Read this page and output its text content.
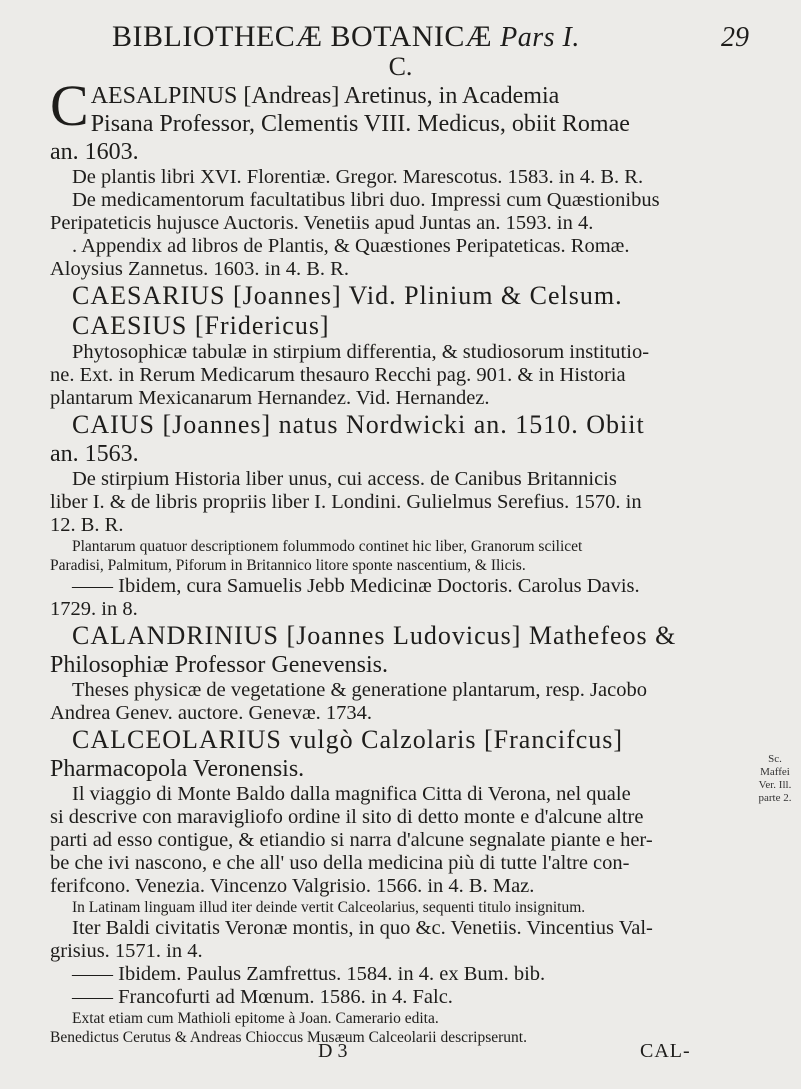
BIBLIOTHECÆ BOTANICÆ Pars I.	29
C.
CAESALPINUS [Andreas] Aretinus, in Academia
Pisana Professor, Clementis VIII. Medicus, obiit Romae
an. 1603.
De plantis libri XVI. Florentiæ. Gregor. Marescotus. 1583. in 4. B. R.
De medicamentorum facultatibus libri duo. Impressi cum Quæstionibus
Peripateticis hujusce Auctoris. Venetiis apud Juntas an. 1593. in 4.
. Appendix ad libros de Plantis, & Quæstiones Peripateticas. Romæ.
Aloysius Zannetus. 1603. in 4. B. R.
CAESARIUS [Joannes] Vid. Plinium & Celsum.
CAESIUS [Fridericus]
Phytosophicæ tabulæ in stirpium differentia, & studiosorum institutio-
ne. Ext. in Rerum Medicarum thesauro Recchi pag. 901. & in Historia
plantarum Mexicanarum Hernandez. Vid. Hernandez.
CAIUS [Joannes] natus Nordwicki an. 1510. Obiit
an. 1563.
De stirpium Historia liber unus, cui access. de Canibus Britannicis
liber I. & de libris propriis liber I. Londini. Gulielmus Serefius. 1570. in
12. B. R.
Plantarum quatuor descriptionem folummodo continet hic liber, Granorum scilicet
Paradisi, Palmitum, Piforum in Britannico litore sponte nascentium, & Ilicis.
—— Ibidem, cura Samuelis Jebb Medicinæ Doctoris. Carolus Davis.
1729. in 8.
CALANDRINIUS [Joannes Ludovicus] Mathefeos &
Philosophiæ Professor Genevensis.
Theses physicæ de vegetatione & generatione plantarum, resp. Jacobo
Andrea Genev. auctore. Genevæ. 1734.
CALCEOLARIUS vulgò Calzolaris [Francifcus]
Pharmacopola Veronensis.
Il viaggio di Monte Baldo dalla magnifica Citta di Verona, nel quale
si descrive con maravigliofo ordine il sito di detto monte e d'alcune altre
parti ad esso contigue, & etiandio si narra d'alcune segnalate piante e her-
be che ivi nascono, e che all' uso della medicina più di tutte l'altre con-
ferifcono. Venezia. Vincenzo Valgrisio. 1566. in 4. B. Maz.
In Latinam linguam illud iter deinde vertit Calceolarius, sequenti titulo insignitum.
Iter Baldi civitatis Veronæ montis, in quo &c. Venetiis. Vincentius Val-
grisius. 1571. in 4.
—— Ibidem. Paulus Zamfrettus. 1584. in 4. ex Bum. bib.
—— Francofurti ad Mœnum. 1586. in 4. Falc.
Extat etiam cum Mathioli epitome à Joan. Camerario edita.
Benedictus Cerutus & Andreas Chioccus Musæum Calceolarii descripserunt.
Sc. Maffei Ver. Ill. parte 2.
D 3	CAL-
